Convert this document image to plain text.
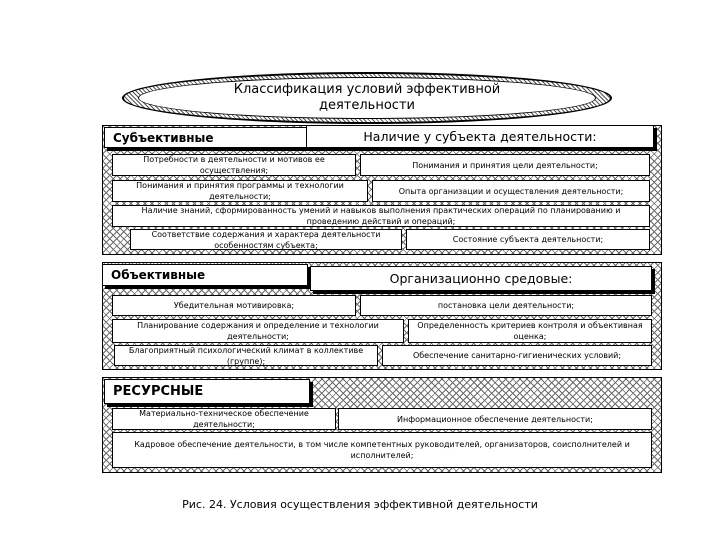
Классификация условий эффективной деятельности
Субъективные	Наличие у субъекта деятельности:
Потребности в деятельности и мотивов ее осуществления;
Понимания и принятия цели деятельности;
Понимания и принятия программы и технологии деятельности;
Опыта организации и осуществления деятельности;
Наличие знаний, сформированность умений и навыков выполнения практических операций по планированию и проведению действий и операций;
Соответствие содержания и характера деятельности особенностям субъекта;
Состояние субъекта деятельности;
Объективные	Организационно средовые:
Убедительная мотивировка;	постановка цели деятельности;
Планирование содержания и определение и технологии деятельности;
Определенность критериев контроля и объективная оценка;
Благоприятный психологический климат в коллективе (группе);
Обеспечение санитарно-гигиенических условий;
РЕСУРСНЫЕ
Материально-техническое обеспечение деятельности;
Информационное обеспечение деятельности;
Кадровое обеспечение деятельности, в том числе компетентных руководителей, организаторов, соисполнителей и исполнителей;
Рис. 24. Условия осуществления эффективной деятельности
